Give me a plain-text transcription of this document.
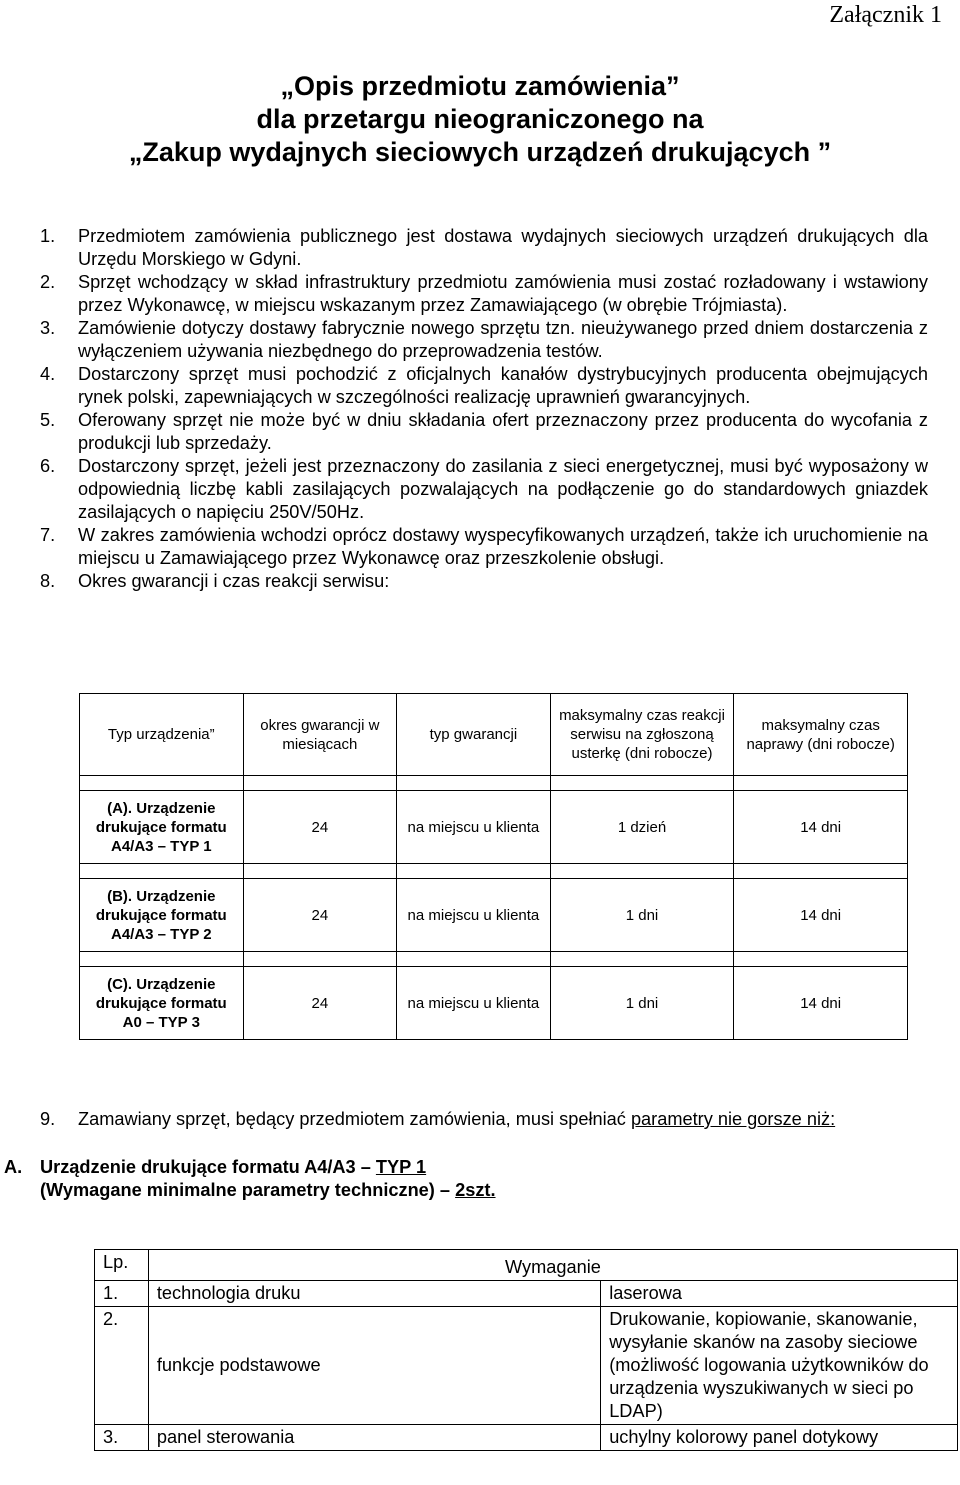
Załącznik 1

„Opis przedmiotu zamówienia”
dla przetargu nieograniczonego na
„Zakup wydajnych sieciowych urządzeń drukujących ”
1. Przedmiotem zamówienia publicznego jest dostawa wydajnych sieciowych urządzeń drukujących dla Urzędu Morskiego w Gdyni.

2. Sprzęt wchodzący w skład infrastruktury przedmiotu zamówienia musi zostać rozładowany i wstawiony przez Wykonawcę, w miejscu wskazanym przez Zamawiającego (w obrębie Trójmiasta).

3. Zamówienie dotyczy dostawy fabrycznie nowego sprzętu tzn. nieużywanego przed dniem dostarczenia z wyłączeniem używania niezbędnego do przeprowadzenia testów.

4. Dostarczony sprzęt musi pochodzić z oficjalnych kanałów dystrybucyjnych producenta obejmujących rynek polski, zapewniających w szczególności realizację uprawnień gwarancyjnych.

5. Oferowany sprzęt nie może być w dniu składania ofert przeznaczony przez producenta do wycofania z produkcji lub sprzedaży.

6. Dostarczony sprzęt, jeżeli jest przeznaczony do zasilania z sieci energetycznej, musi być wyposażony w odpowiednią liczbę kabli zasilających pozwalających na podłączenie go do standardowych gniazdek zasilających o napięciu 250V/50Hz.

7. W zakres zamówienia wchodzi oprócz dostawy wyspecyfikowanych urządzeń, także ich uruchomienie na miejscu u Zamawiającego przez Wykonawcę oraz przeszkolenie obsługi.

8. Okres gwarancji i czas reakcji serwisu:

Typ urządzenia”	okres gwarancji w miesiącach	typ gwarancji	maksymalny czas reakcji serwisu na zgłoszoną usterkę (dni robocze)	maksymalny czas naprawy (dni robocze)

(A). Urządzenie drukujące formatu A4/A3 – TYP 1	24	na miejscu u klienta	1 dzień	14 dni

(B). Urządzenie drukujące formatu A4/A3 – TYP 2	24	na miejscu u klienta	1 dni	14 dni

(C). Urządzenie drukujące formatu A0 – TYP 3	24	na miejscu u klienta	1 dni	14 dni
9. Zamawiany sprzęt, będący przedmiotem zamówienia, musi spełniać parametry nie gorsze niż:
A. Urządzenie drukujące formatu A4/A3 – TYP 1
(Wymagane minimalne parametry techniczne) – 2szt.
Lp.	Wymaganie	
1.	technologia druku	laserowa
2.	funkcje podstawowe	Drukowanie, kopiowanie, skanowanie, wysyłanie skanów na zasoby sieciowe (możliwość logowania użytkowników do urządzenia wyszukiwanych w sieci po LDAP)
3.	panel sterowania	uchylny kolorowy panel dotykowy
